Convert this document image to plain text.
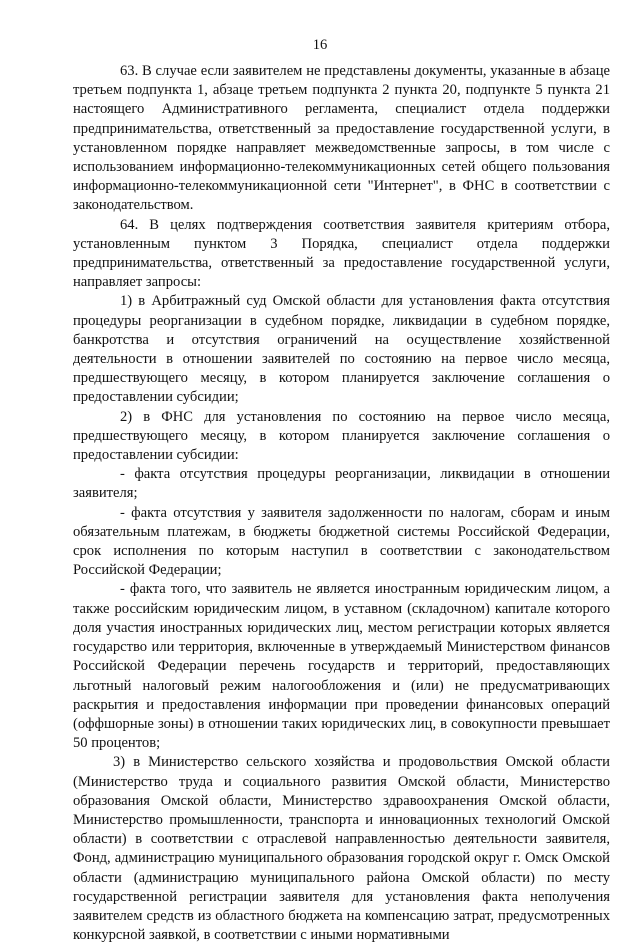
16

63. В случае если заявителем не представлены документы, указанные в абзаце третьем подпункта 1, абзаце третьем подпункта 2 пункта 20, подпункте 5 пункта 21 настоящего Административного регламента, специалист отдела поддержки предпринимательства, ответственный за предоставление государственной услуги, в установленном порядке направляет межведомственные запросы, в том числе с использованием информационно-телекоммуникационных сетей общего пользования информационно-телекоммуникационной сети "Интернет", в ФНС в соответствии с законодательством.

64. В целях подтверждения соответствия заявителя критериям отбора, установленным пунктом 3 Порядка, специалист отдела поддержки предпринимательства, ответственный за предоставление государственной услуги, направляет запросы:

1) в Арбитражный суд Омской области для установления факта отсутствия процедуры реорганизации в судебном порядке, ликвидации в судебном порядке, банкротства и отсутствия ограничений на осуществление хозяйственной деятельности в отношении заявителей по состоянию на первое число месяца, предшествующего месяцу, в котором планируется заключение соглашения о предоставлении субсидии;

2) в ФНС для установления по состоянию на первое число месяца, предшествующего месяцу, в котором планируется заключение соглашения о предоставлении субсидии:

- факта отсутствия процедуры реорганизации, ликвидации в отношении заявителя;

- факта отсутствия у заявителя задолженности по налогам, сборам и иным обязательным платежам, в бюджеты бюджетной системы Российской Федерации, срок исполнения по которым наступил в соответствии с законодательством Российской Федерации;

- факта того, что заявитель не является иностранным юридическим лицом, а также российским юридическим лицом, в уставном (складочном) капитале которого доля участия иностранных юридических лиц, местом регистрации которых является государство или территория, включенные в утверждаемый Министерством финансов Российской Федерации перечень государств и территорий, предоставляющих льготный налоговый режим налогообложения и (или) не предусматривающих раскрытия и предоставления информации при проведении финансовых операций (оффшорные зоны) в отношении таких юридических лиц, в совокупности превышает 50 процентов;

3) в Министерство сельского хозяйства и продовольствия Омской области (Министерство труда и социального развития Омской области, Министерство образования Омской области, Министерство здравоохранения Омской области, Министерство промышленности, транспорта и инновационных технологий Омской области) в соответствии с отраслевой направленностью деятельности заявителя, Фонд, администрацию муниципального образования городской округ г. Омск Омской области (администрацию муниципального района Омской области) по месту государственной регистрации заявителя для установления факта неполучения заявителем средств из областного бюджета на компенсацию затрат, предусмотренных конкурсной заявкой, в соответствии с иными нормативными
